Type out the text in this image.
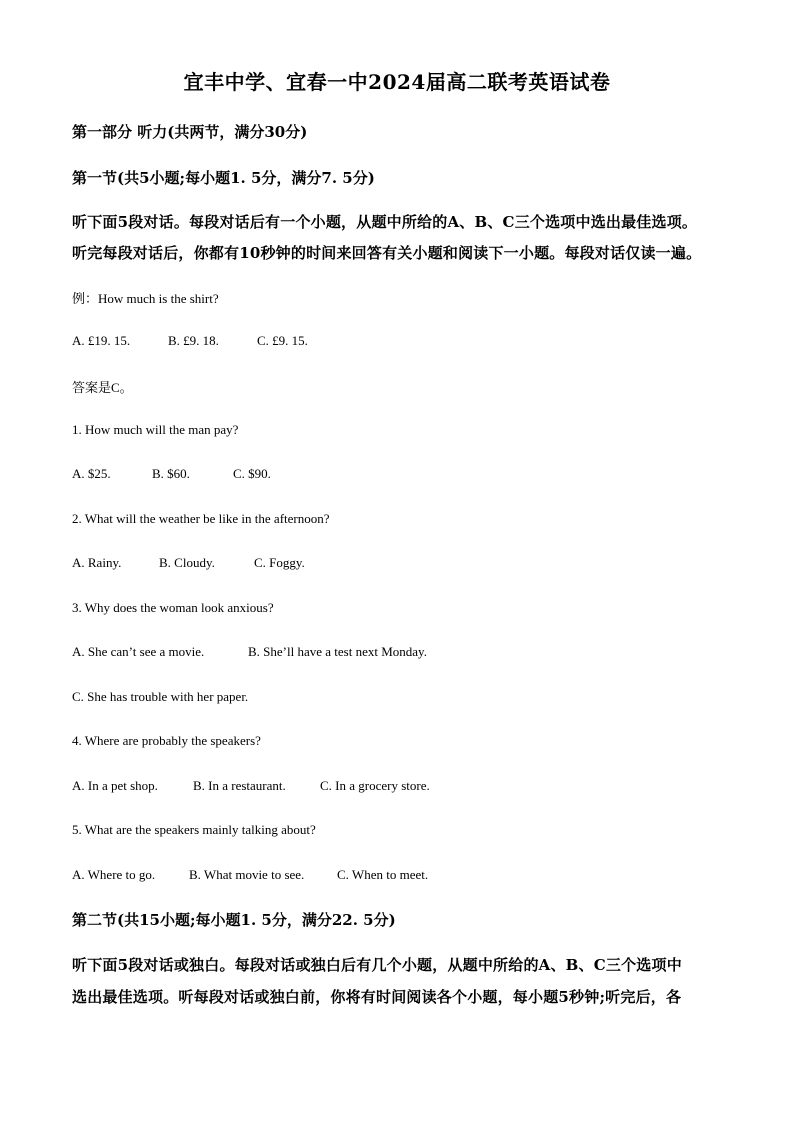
宜丰中学、宜春一中2024届高二联考英语试卷
第一部分 听力(共两节，满分30分)
第一节(共5小题;每小题1. 5分，满分7. 5分)
听下面5段对话。每段对话后有一个小题，从题中所给的A、B、C三个选项中选出最佳选项。
听完每段对话后，你都有10秒钟的时间来回答有关小题和阅读下一小题。每段对话仅读一遍。
例：How much is the shirt?
A. £19. 15.	B. £9. 18.	C. £9. 15.
答案是C。
1. How much will the man pay?
A. $25.	B. $60.	C. $90.
2. What will the weather be like in the afternoon?
A. Rainy.	B. Cloudy.	C. Foggy.
3. Why does the woman look anxious?
A. She can’t see a movie.	B. She’ll have a test next Monday.
C. She has trouble with her paper.
4. Where are probably the speakers?
A. In a pet shop.	B. In a restaurant.	C. In a grocery store.
5. What are the speakers mainly talking about?
A. Where to go.	B. What movie to see.	C. When to meet.
第二节(共15小题;每小题1. 5分，满分22. 5分)
听下面5段对话或独白。每段对话或独白后有几个小题，从题中所给的A、B、C三个选项中
选出最佳选项。听每段对话或独白前，你将有时间阅读各个小题，每小题5秒钟;听完后，各
